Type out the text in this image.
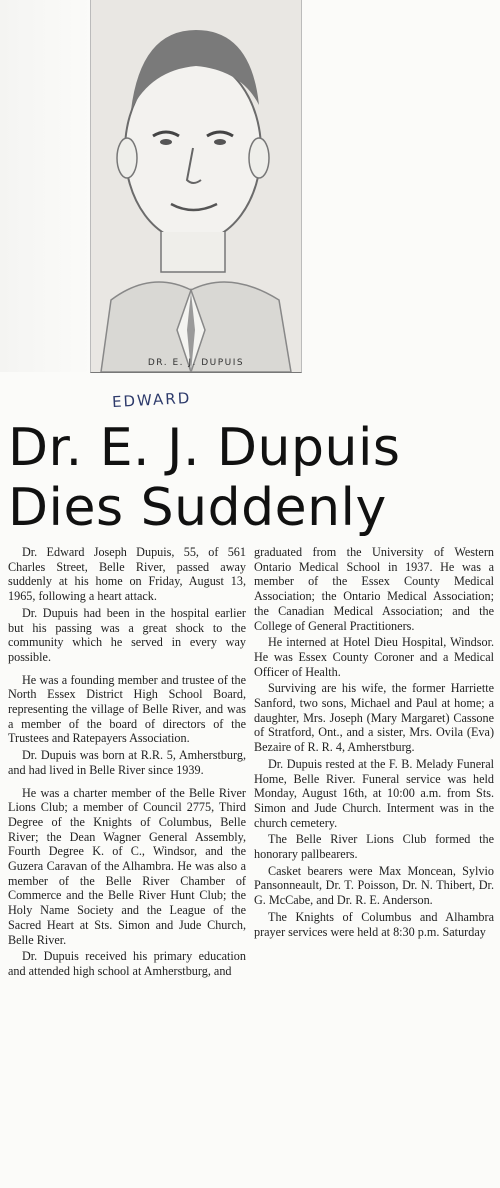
DR. E. J. DUPUIS
EDWARD
Dr. E. J. Dupuis
Dies Suddenly

Dr. Edward Joseph Dupuis, 55, of 561 Charles Street, Belle River, passed away suddenly at his home on Friday, August 13, 1965, following a heart attack.

Dr. Dupuis had been in the hospital earlier but his passing was a great shock to the community which he served in every way possible.

He was a founding member and trustee of the North Essex District High School Board, representing the village of Belle River, and was a member of the board of directors of the Trustees and Ratepayers Association.

Dr. Dupuis was born at R.R. 5, Amherstburg, and had lived in Belle River since 1939.

He was a charter member of the Belle River Lions Club; a member of Council 2775, Third Degree of the Knights of Columbus, Belle River; the Dean Wagner General Assembly, Fourth Degree K. of C., Windsor, and the Guzera Caravan of the Alhambra. He was also a member of the Belle River Chamber of Commerce and the Belle River Hunt Club; the Holy Name Society and the League of the Sacred Heart at Sts. Simon and Jude Church, Belle River.

Dr. Dupuis received his primary education and attended high school at Amherstburg, and

graduated from the University of Western Ontario Medical School in 1937. He was a member of the Essex County Medical Association; the Ontario Medical Association; the Canadian Medical Association; and the College of General Practitioners.

He interned at Hotel Dieu Hospital, Windsor. He was Essex County Coroner and a Medical Officer of Health.

Surviving are his wife, the former Harriette Sanford, two sons, Michael and Paul at home; a daughter, Mrs. Joseph (Mary Margaret) Cassone of Stratford, Ont., and a sister, Mrs. Ovila (Eva) Bezaire of R. R. 4, Amherstburg.

Dr. Dupuis rested at the F. B. Melady Funeral Home, Belle River. Funeral service was held Monday, August 16th, at 10:00 a.m. from Sts. Simon and Jude Church. Interment was in the church cemetery.

The Belle River Lions Club formed the honorary pallbearers.

Casket bearers were Max Moncean, Sylvio Pansonneault, Dr. T. Poisson, Dr. N. Thibert, Dr. G. McCabe, and Dr. R. E. Anderson.

The Knights of Columbus and Alhambra prayer services were held at 8:30 p.m. Saturday
